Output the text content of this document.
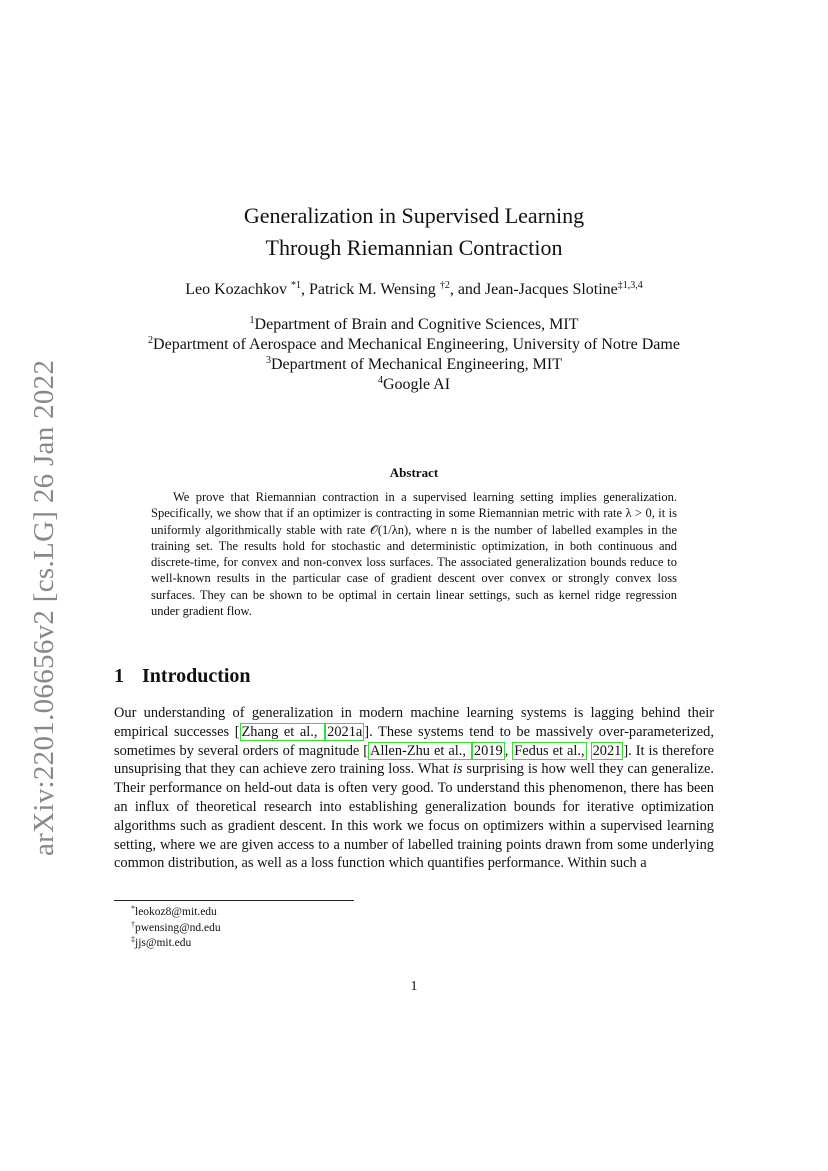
arXiv:2201.06656v2 [cs.LG] 26 Jan 2022
Generalization in Supervised Learning
Through Riemannian Contraction
Leo Kozachkov $^{*1}$, Patrick M. Wensing $^{\dagger 2}$, and Jean-Jacques Slotine$^{\ddagger 1,3,4}$
$^1$Department of Brain and Cognitive Sciences, MIT
$^2$Department of Aerospace and Mechanical Engineering, University of Notre Dame
$^3$Department of Mechanical Engineering, MIT
$^4$Google AI
Abstract
We prove that Riemannian contraction in a supervised learning setting implies generalization. Specifically, we show that if an optimizer is contracting in some Riemannian metric with rate λ > 0, it is uniformly algorithmically stable with rate 𝒪(1/λn), where n is the number of labelled examples in the training set. The results hold for stochastic and deterministic optimization, in both continuous and discrete-time, for convex and non-convex loss surfaces. The associated generalization bounds reduce to well-known results in the particular case of gradient descent over convex or strongly convex loss surfaces. They can be shown to be optimal in certain linear settings, such as kernel ridge regression under gradient flow.
1 Introduction
Our understanding of generalization in modern machine learning systems is lagging behind their empirical successes [ Zhang et al., 2021a ]. These systems tend to be massively over-parameterized, sometimes by several orders of magnitude [ Allen-Zhu et al., 2019 , Fedus et al., 2021 ]. It is therefore unsuprising that they can achieve zero training loss. What is surprising is how well they can generalize. Their performance on held-out data is often very good. To understand this phenomenon, there has been an influx of theoretical research into establishing generalization bounds for iterative optimization algorithms such as gradient descent. In this work we focus on optimizers within a supervised learning setting, where we are given access to a number of labelled training points drawn from some underlying common distribution, as well as a loss function which quantifies performance. Within such a
*leokoz8@mit.edu
†pwensing@nd.edu
‡jjs@mit.edu
1
